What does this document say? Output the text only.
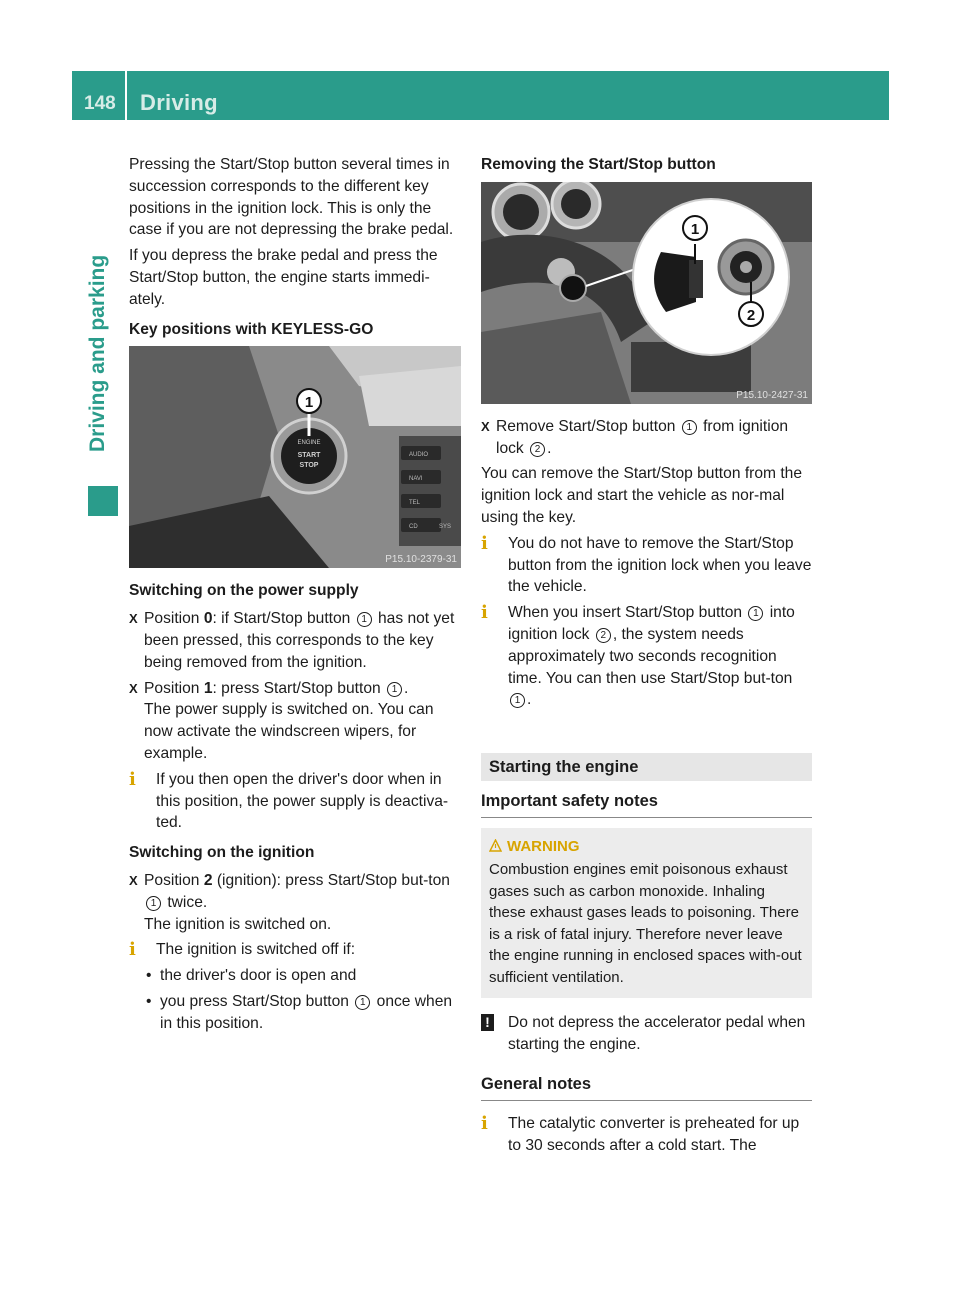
148 Driving
Driving and parking

Pressing the Start/Stop button several times in succession corresponds to the different key positions in the ignition lock. This is only the case if you are not depressing the brake pedal.

If you depress the brake pedal and press the Start/Stop button, the engine starts immedi-ately.

Key positions with KEYLESS-GO

ENGINE
START
STOP
AUDIO
NAVI
TEL
CD	SYS
1
P15.10-2379-31

Switching on the power supply

X Position 0: if Start/Stop button 1 has not yet been pressed, this corresponds to the key being removed from the ignition.
X Position 1: press Start/Stop button 1 .
The power supply is switched on. You can now activate the windscreen wipers, for example.
i	If you then open the driver's door when in this position, the power supply is deactiva-ted.

Switching on the ignition

X Position 2 (ignition): press Start/Stop but-ton 1 twice.
The ignition is switched on.
i	The ignition is switched off if:
• the driver's door is open and
• you press Start/Stop button 1 once when in this position.

Removing the Start/Stop button

1
2
P15.10-2427-31
X Remove Start/Stop button 1 from ignition lock 2 .

You can remove the Start/Stop button from the ignition lock and start the vehicle as nor-mal using the key.

i	You do not have to remove the Start/Stop button from the ignition lock when you leave the vehicle.
i	When you insert Start/Stop button 1 into ignition lock 2 , the system needs approximately two seconds recognition time. You can then use Start/Stop but-ton 1 .
Starting the engine
Important safety notes
WARNING
Combustion engines emit poisonous exhaust gases such as carbon monoxide. Inhaling these exhaust gases leads to poisoning. There is a risk of fatal injury. Therefore never leave the engine running in enclosed spaces with-out sufficient ventilation.
! Do not depress the accelerator pedal when starting the engine.
General notes
i	The catalytic converter is preheated for up to 30 seconds after a cold start. The
